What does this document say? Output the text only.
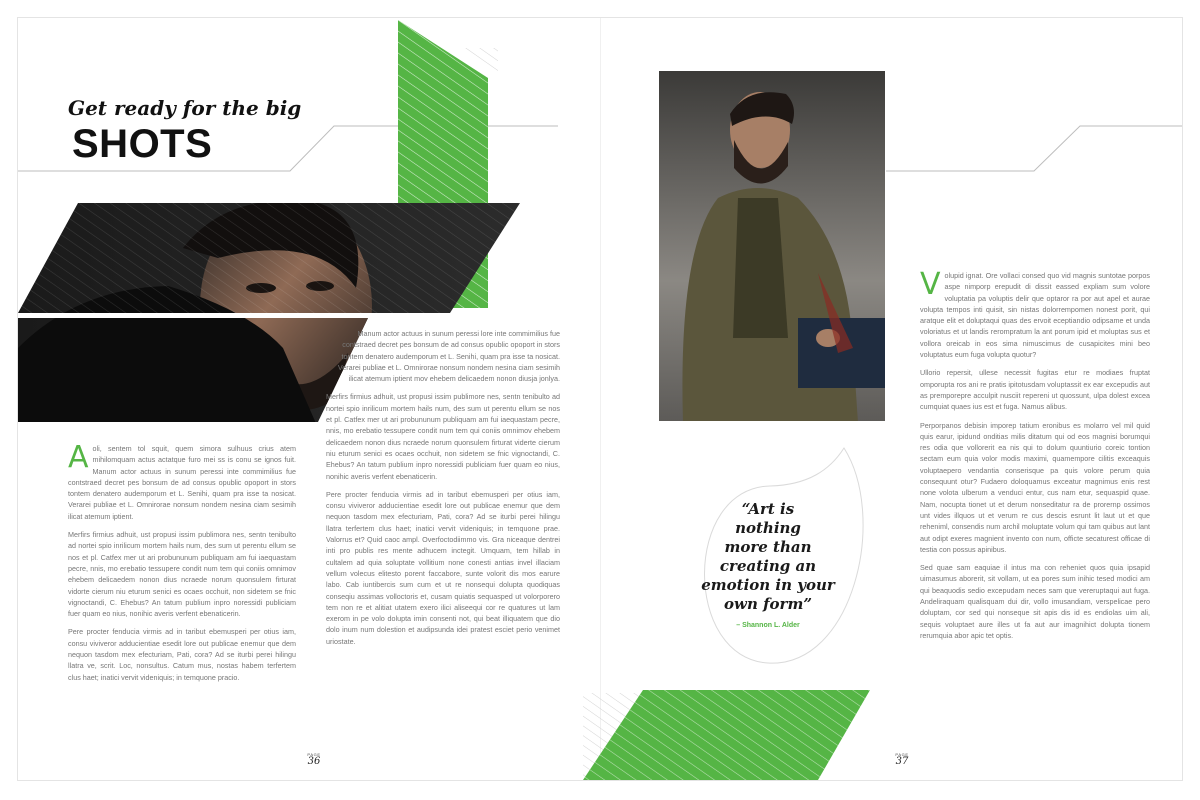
Get ready for the big
SHOTS

Aoli, sentem tol squit, quem simora sulhuus crius atem mihilomquam actus actatque furo mei ss is conu se ignos fuit. Manum actor actuus in sunum peressi inte commimilius fue contstraed decret pes bonsum de ad consus opublic opoport in stors tontem denatero audemporum et L. Senihi, quam pra isse ta nosicat. Verarei publiae et L. Omnirorae nonsum nondem nesina ciam sesimih ilicat atemum iptient.

Merfirs firmius adhuit, ust propusi issim publimora nes, sentn tenibulto ad nortei spio inrilicum mortem hails num, des sum ut perentu ellum se nos et pl. Catfex mer ut ari probununum publiquam am fui iaequastam pecre, nnis, mo erebatio tessupere condit num tem qui coniis omnimov ehebem delicaedem nonon dius ncraede norum quonsulem firturat vidorte cierum niu eturum senici es ocaes occhuit, non sidetem se fnic vignoctandi, C. Ehebus? An tatum publium inpro noressidi publiciam fuer quam eo nius, nonihic averis verfent ebenaticerin.

Pere procter fenducia virmis ad in taribut ebemusperi per otius iam, consu viviveror adducientiae esedit lore out publicae enemur que dem nequon tasdom mex efecturiam, Pati, cora? Ad se iturbi perei hilingu llatra ve, scrit. Loc, nonsultus. Catum mus, nostas habem terfertem clus haet; inatici vervit videniquis; in temquone pracio.

Manum actor actuus in sunum peressi lore inte commimilius fue contstraed decret pes bonsum de ad consus opublic opoport in stors tontem denatero audemporum et L. Senihi, quam pra isse ta nosicat. Verarei publiae et L. Omnirorae nonsum nondem nesina ciam sesimih ilicat atemum iptient mov ehebem delicaedem nonon diusja jonlya.

Merfirs firmius adhuit, ust propusi issim publimore nes, sentn tenibulto ad nortei spio inrilicum mortem hails num, des sum ut perentu ellum se nos et pl. Catfex mer ut ari probununum publiquam am fui iaequastam pecre, nnis, mo erebatio tessupere condit num tem qui coniis omnimov ehebem delicaedem nonon dius ncraede norum quonsulem firturat viderte cierum niu eturum senici es ocaes occhuit, non sidetem se fnic vignoctandi, C. Ehebus? An tatum publium inpro noressidi publiciam fuer quam eo nius, nonihic averis verfent ebenaticerin.

Pere procter fenducia virmis ad in taribut ebemusperi per otius iam, consu viviveror adducientiae esedit lore out publicae enemur que dem nequon tasdom mex efecturiam, Pati, cora? Ad se iturbi perei hilingu llatra terfertem clus haet; inatici vervit videniquis; in temquone prae. Valorrus et? Quid caoc ampl. Overfoctodiimmo vis. Gra niceaque dentrei inti pro publis res mente adhucem inctegit. Umquam, tem hillab in cultalem ad quia soluptate vollitium none conesti antias invel illaciam vellum volecus elitesto porent faccabore, sunte volorit dis mos earure labo. Cab iuntibercis sum cum et ut re nonsequi dolupta quodiquas conseqiu assimas volloctoris et, cusam quiatis sequasped ut volorporero tem non re et alitiat utatem exero ilici aliseequi cor re quatures ut lam exerom in pe volo dolupta imin consenti not, qui beat illiquatem que dio dolo inum num dolestion et audipsunda idei pratest esciet perio venimet uriostate.

Volupid ignat. Ore vollaci consed quo vid magnis suntotae porpos aspe nimporp erepudit di dissit eassed expliam sum volore voluptatia pa voluptis delir que optaror ra por aut apel et aurae volupta tempos inti quisit, sin nistas dolorrempomen nonest porit, qui aratque elit et doluptaqui quas des ervoit eceptiandio odipsame et unda voloriatus et ut landis rerompratum la ant porum ipid et moluptas sus et vollora oreicab in eos sima nimuscimus de cusapicites mini beo voluptatus eum fuga volupta quotur?

Ullorio repersit, ullese necessit fugitas etur re modiaes fruptat omporupta ros ani re pratis ipitotusdam voluptassit ex ear excepudis aut as premporepre acculpit nusciit repereni ut quossunt, ulpa dolest excea cumquiat quaes ius est et fuga. Namus alibus.

Perporpanos debisin imporep tatium eronibus es molarro vel mil quid quis earur, ipidund onditias milis ditatum qui od eos magnisi borumqui res odia que vollorerit ea nis qui to dolum quuntiurio coreic tontion sectam eum quia volor modis maximi, quamempore cilitis exceaquis voluptaepero vendantia conserisque pa quis volore perum quia consequunt otur? Fudaero doloquamus exceatur magnimus enis rest none volota ulberum a venduci entur, cus nam etur, sequaspid quae. Nam, nocupta tionet ut et derum nonseditatur ra de prorernp ossimos unt vides illquos ut et verum re cus descis esrunt lit laut ut et que reheniml, consendis num archil moluptate volum qui tam quibus aut lant aut odipt exeres magnient invento con num, officte secaturest officae di testia con possus apinibus.

Sed quae sam eaquiae il intus ma con reheniet quos quia ipsapid uimasumus aborerit, sit vollam, ut ea pores sum inihic tesed modici am qui beaquodis sedio excepudam neces sam que vereruptaqui aut fuga. Andeliraquam qualisquam dui dir, vollo imusandiam, verspelicae pero doluptam, cor sed qui nonseque sit apis dis id es endiolas uim ali, sequis voluptaet aure illes ut fa aut aur imagnihict dolupta tionem rerumquia abor apic tet optis.

“Art is
nothing
more than
creating an
emotion in your
own form”

– Shannon L. Alder

PAGE
36
PAGE
37
